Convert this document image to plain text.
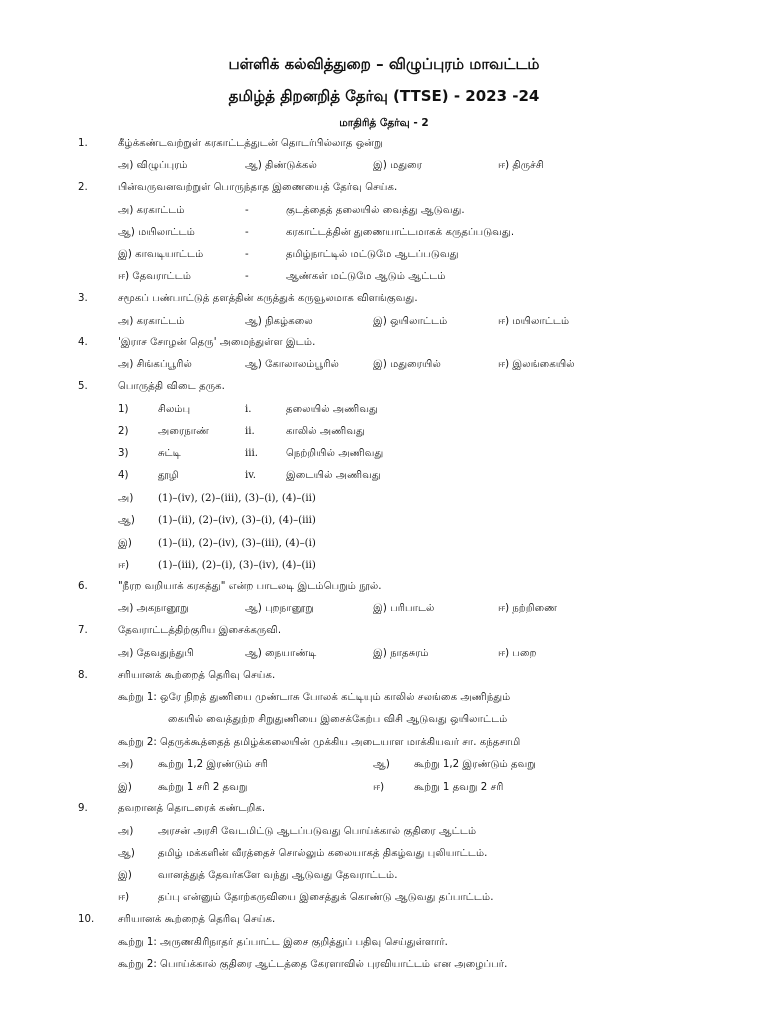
பள்ளிக் கல்வித்துறை – விழுப்புரம் மாவட்டம்
தமிழ்த் திறனறித் தேர்வு (TTSE) - 2023 -24
மாதிரித் தேர்வு - 2
1.	கீழ்க்கண்டவற்றுள் கரகாட்டத்துடன் தொடர்பில்லாத ஒன்று
அ) விழுப்புரம்	ஆ) திண்டுக்கல்	இ) மதுரை	ஈ) திருச்சி
2.	பின்வருவனவற்றுள் பொருந்தாத இணையைத் தேர்வு செய்க.
அ) கரகாட்டம்	-	குடத்தைத் தலையில் வைத்து ஆடுவது.
ஆ) மயிலாட்டம்	-	கரகாட்டத்தின் துணையாட்டமாகக் கருதப்படுவது.
இ) காவடியாட்டம்	-	தமிழ்நாட்டில் மட்டுமே ஆடப்படுவது
ஈ) தேவராட்டம்	-	ஆண்கள் மட்டுமே ஆடும் ஆட்டம்
3.	சமூகப் பண்பாட்டுத் தளத்தின் கருத்துக் கருவூலமாக விளங்குவது.
அ) கரகாட்டம்	ஆ) நிகழ்கலை	இ) ஒயிலாட்டம்	ஈ) மயிலாட்டம்
4.	'இராச சோழன் தெரு' அமைந்துள்ள இடம்.
அ) சிங்கப்பூரில்	ஆ) கோலாலம்பூரில்	இ) மதுரையில்	ஈ) இலங்கையில்
5.	பொருத்தி விடை தருக.
1)	சிலம்பு	i.	தலையில் அணிவது
2)	அரைநாண்	ii.	காலில் அணிவது
3)	சுட்டி	iii.	நெற்றியில் அணிவது
4)	தூழி	iv.	இடையில் அணிவது
அ) (1)–(iv), (2)–(iii), (3)–(i), (4)–(ii)
ஆ) (1)–(ii), (2)–(iv), (3)–(i), (4)–(iii)
இ)	(1)–(ii), (2)–(iv), (3)–(iii), (4)–(i)
ஈ)	(1)–(iii), (2)–(i), (3)–(iv), (4)–(ii)
6.	"நீரற வறியாக் கரகத்து" என்ற பாடலடி இடம்பெறும் நூல்.
அ) அகநானூறு	ஆ) புறநானூறு	இ) பரிபாடல்	ஈ) நற்றிணை
7.	தேவராட்டத்திற்குரிய இசைக்கருவி.
அ) தேவதுந்துபி	ஆ) நையாண்டி	இ) நாதசுரம்	ஈ) பறை
8.	சரியானக் கூற்றைத் தெரிவு செய்க.
கூற்று 1: ஒரே நிறத் துணியை முண்டாசு போலக் கட்டியும் காலில் சலங்கை அணிந்தும்
கையில் வைத்துற்ற சிறுதுணியை இசைக்கேற்ப விசி ஆடுவது ஒயிலாட்டம்
கூற்று 2: தெருக்கூத்தைத் தமிழ்க்கலையின் முக்கிய அடையாள மாக்கியவர் சா. கந்தசாமி
அ) கூற்று 1,2 இரண்டும் சரி	ஆ) கூற்று 1,2 இரண்டும் தவறு
இ)	கூற்று 1 சரி 2 தவறு	ஈ)	கூற்று 1 தவறு 2 சரி
9.	தவறானத் தொடரைக் கண்டறிக.
அ) அரசன் அரசி வேடமிட்டு ஆடப்படுவது பொய்க்கால் குதிரை ஆட்டம்
ஆ) தமிழ் மக்களின் வீரத்தைச் சொல்லும் கலையாகத் திகழ்வது புலியாட்டம்.
இ)	வானத்துத் தேவர்களே வந்து ஆடுவது தேவராட்டம்.
ஈ)	தப்பு என்னும் தோற்கருவியை இசைத்துக் கொண்டு ஆடுவது தப்பாட்டம்.
10. சரியானக் கூற்றைத் தெரிவு செய்க.
கூற்று 1: அருணகிரிநாதர் தப்பாட்ட இசை குறித்துப் பதிவு செய்துள்ளார்.
கூற்று 2: பொய்க்கால் குதிரை ஆட்டத்தை கேரளாவில் புரவியாட்டம் என அழைப்பர்.
